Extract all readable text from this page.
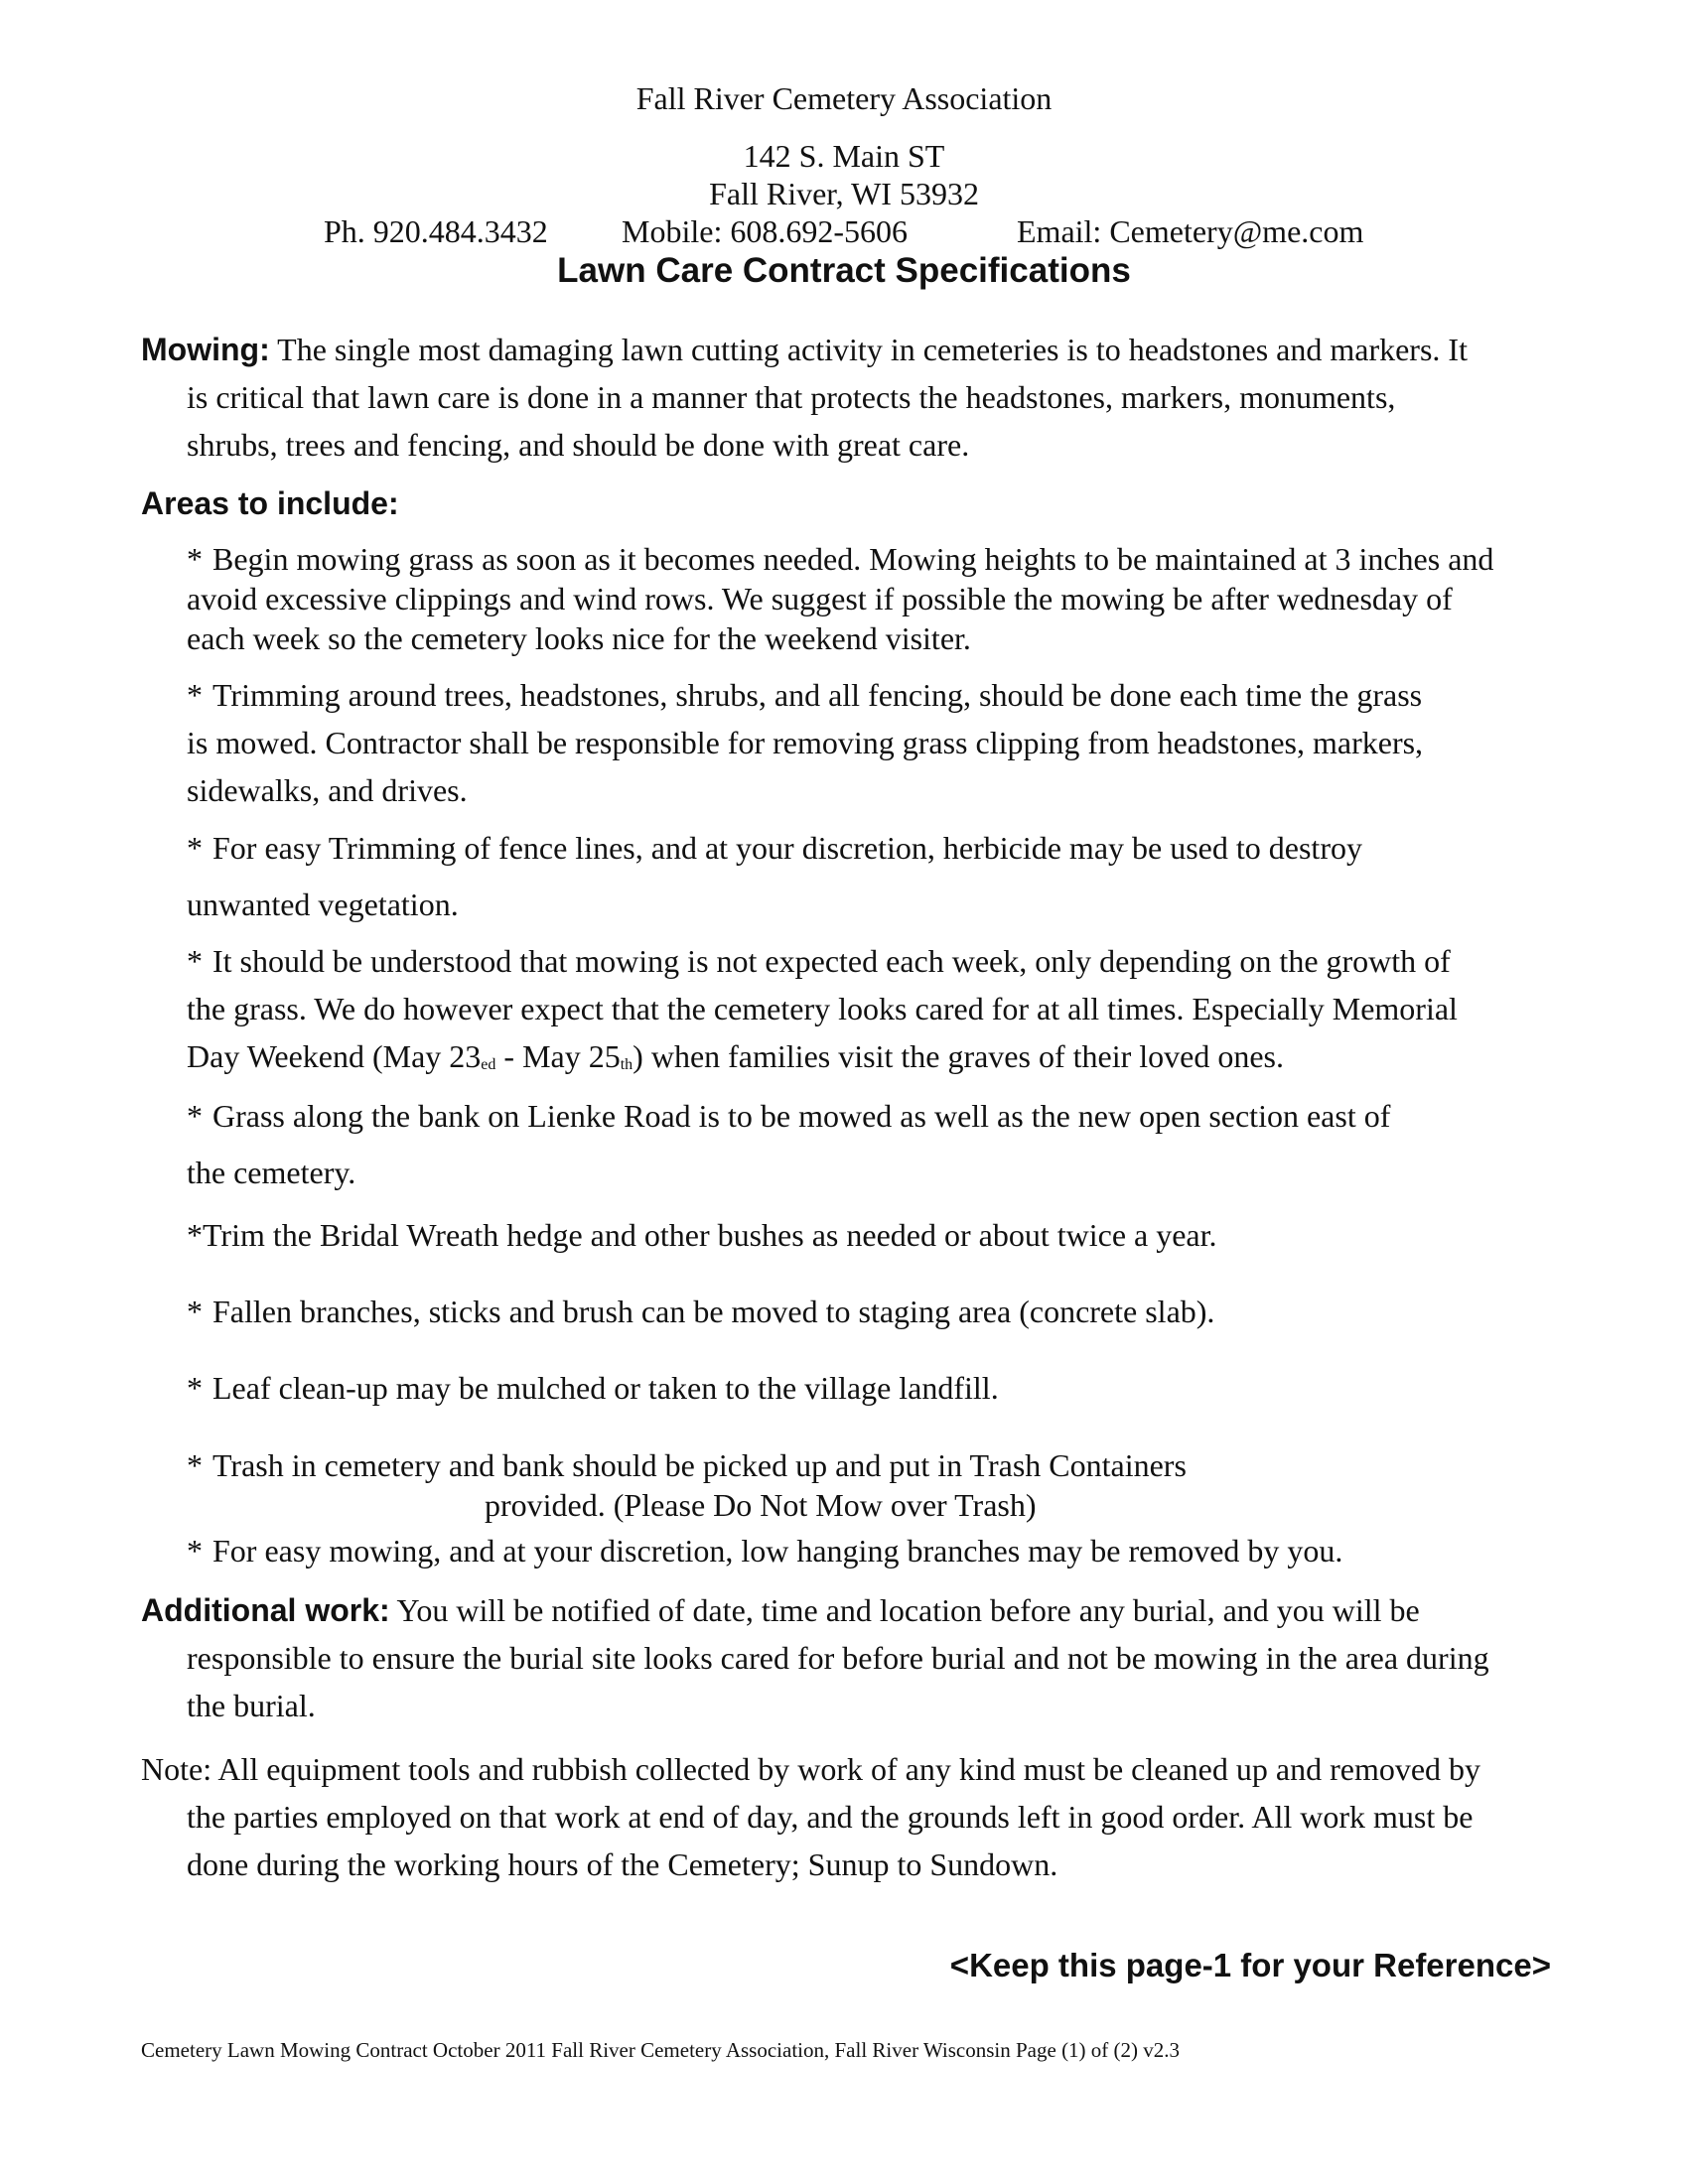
Fall River Cemetery Association
142 S. Main ST
Fall River, WI 53932
Ph. 920.484.3432 Mobile: 608.692-5606	Email: Cemetery@me.com
Lawn Care Contract Specifications
Mowing: The single most damaging lawn cutting activity in cemeteries is to headstones and markers. It
is critical that lawn care is done in a manner that protects the headstones, markers, monuments,
shrubs, trees and fencing, and should be done with great care.
Areas to include:
* Begin mowing grass as soon as it becomes needed. Mowing heights to be maintained at 3 inches and
avoid excessive clippings and wind rows. We suggest if possible the mowing be after wednesday of
each week so the cemetery looks nice for the weekend visiter.
* Trimming around trees, headstones, shrubs, and all fencing, should be done each time the grass
is mowed. Contractor shall be responsible for removing grass clipping from headstones, markers,
sidewalks, and drives.
* For easy Trimming of fence lines, and at your discretion, herbicide may be used to destroy
unwanted vegetation.
* It should be understood that mowing is not expected each week, only depending on the growth of
the grass. We do however expect that the cemetery looks cared for at all times. Especially Memorial
Day Weekend (May 23ed - May 25th) when families visit the graves of their loved ones.
* Grass along the bank on Lienke Road is to be mowed as well as the new open section east of
the cemetery.
*Trim the Bridal Wreath hedge and other bushes as needed or about twice a year.
* Fallen branches, sticks and brush can be moved to staging area (concrete slab).
* Leaf clean-up may be mulched or taken to the village landfill.
* Trash in cemetery and bank should be picked up and put in Trash Containers

provided. (Please Do Not Mow over Trash)
* For easy mowing, and at your discretion, low hanging branches may be removed by you.
Additional work: You will be notified of date, time and location before any burial, and you will be
responsible to ensure the burial site looks cared for before burial and not be mowing in the area during
the burial.
Note: All equipment tools and rubbish collected by work of any kind must be cleaned up and removed by
the parties employed on that work at end of day, and the grounds left in good order. All work must be
done during the working hours of the Cemetery; Sunup to Sundown.
<Keep this page-1 for your Reference>
Cemetery Lawn Mowing Contract October 2011 Fall River Cemetery Association, Fall River Wisconsin Page (1) of (2) v2.3
